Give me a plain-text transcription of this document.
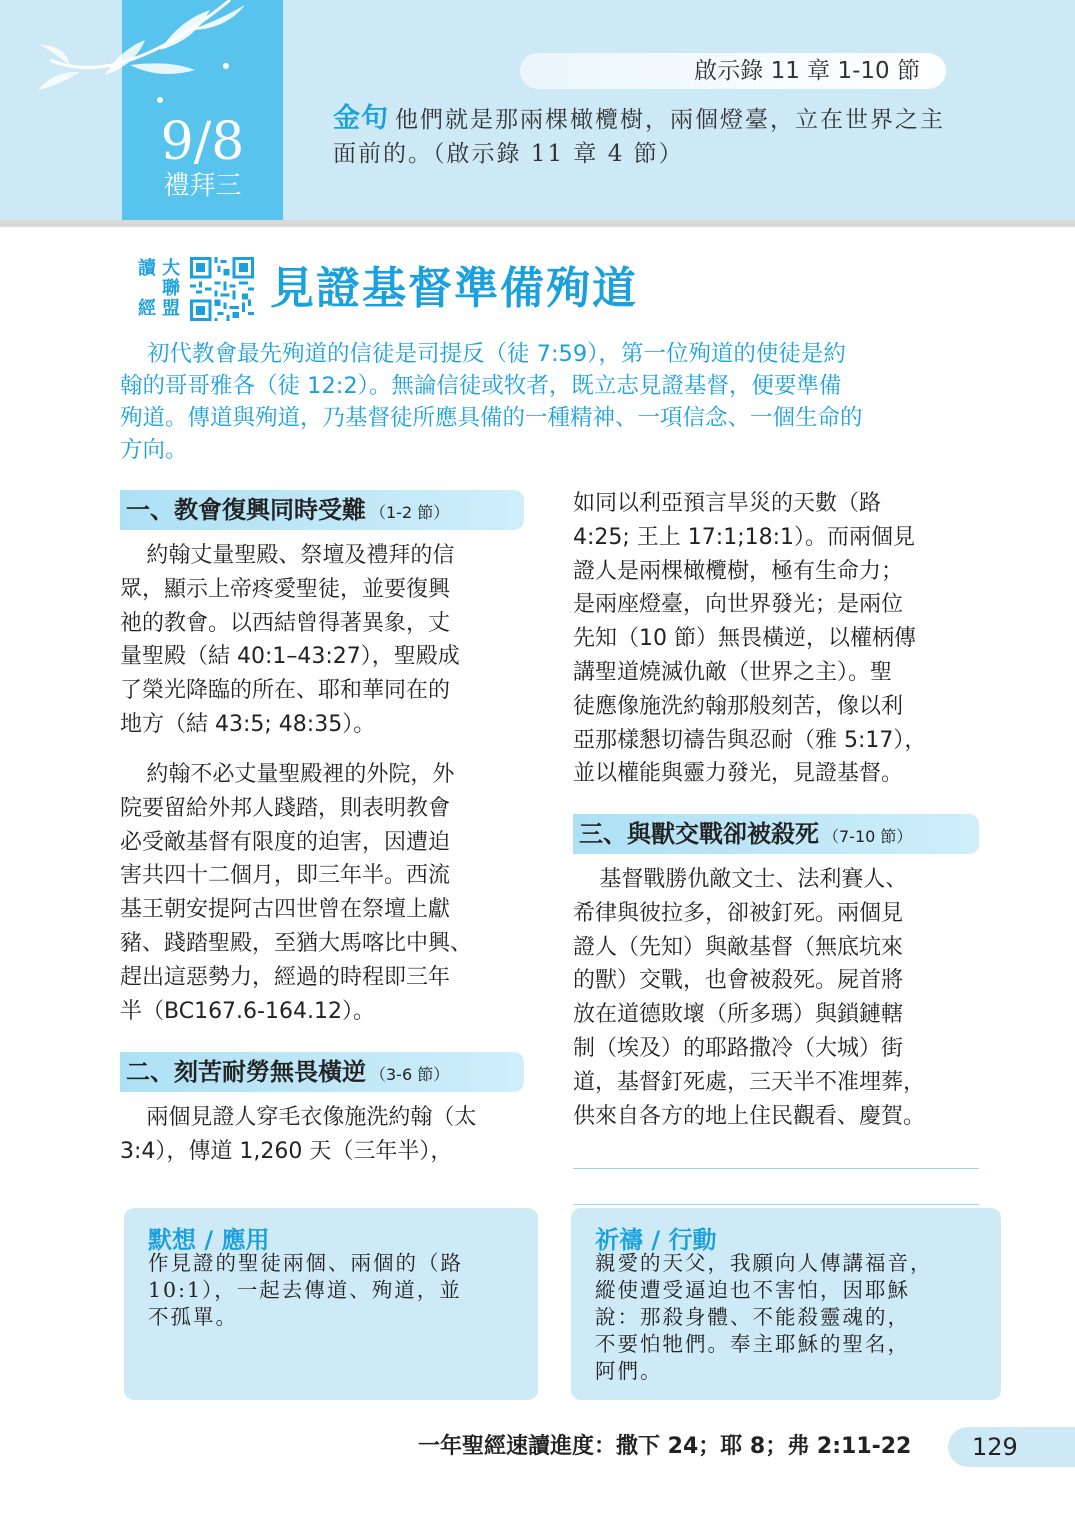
9/8
禮拜三
啟示錄 11 章 1-10 節
金句 他們就是那兩棵橄欖樹，兩個燈臺，立在世界之主
面前的。（啟示錄 11 章 4 節）
讀 大
聯
經 盟 見證基督準備殉道
初代教會最先殉道的信徒是司提反（徒 7:59），第一位殉道的使徒是約
翰的哥哥雅各（徒 12:2）。無論信徒或牧者，既立志見證基督，便要準備
殉道。傳道與殉道，乃基督徒所應具備的一種精神、一項信念、一個生命的
方向。
一、教會復興同時受難 （1-2 節）

約翰丈量聖殿、祭壇及禮拜的信

眾，顯示上帝疼愛聖徒，並要復興

祂的教會。以西結曾得著異象，丈

量聖殿（結 40:1–43:27），聖殿成

了榮光降臨的所在、耶和華同在的

地方（結 43:5; 48:35）。

約翰不必丈量聖殿裡的外院，外

院要留給外邦人踐踏，則表明教會

必受敵基督有限度的迫害，因遭迫

害共四十二個月，即三年半。西流

基王朝安提阿古四世曾在祭壇上獻

豬、踐踏聖殿，至猶大馬喀比中興、

趕出這惡勢力，經過的時程即三年

半（BC167.6-164.12）。

二、刻苦耐勞無畏橫逆 （3-6 節）

兩個見證人穿毛衣像施洗約翰（太

3:4），傳道 1,260 天（三年半），

如同以利亞預言旱災的天數（路

4:25; 王上 17:1;18:1）。而兩個見

證人是兩棵橄欖樹，極有生命力；

是兩座燈臺，向世界發光；是兩位

先知（10 節）無畏橫逆，以權柄傳

講聖道燒滅仇敵（世界之主）。聖

徒應像施洗約翰那般刻苦，像以利

亞那樣懇切禱告與忍耐（雅 5:17），

並以權能與靈力發光，見證基督。

三、與獸交戰卻被殺死 （7-10 節）

基督戰勝仇敵文士、法利賽人、

希律與彼拉多，卻被釘死。兩個見

證人（先知）與敵基督（無底坑來

的獸）交戰，也會被殺死。屍首將

放在道德敗壞（所多瑪）與鎖鏈轄

制（埃及）的耶路撒冷（大城）街

道，基督釘死處，三天半不准埋葬，

供來自各方的地上住民觀看、慶賀。

默想 / 應用
作見證的聖徒兩個、兩個的（路
10:1），一起去傳道、殉道，並
不孤單。
祈禱 / 行動
親愛的天父，我願向人傳講福音，
縱使遭受逼迫也不害怕，因耶穌
說：那殺身體、不能殺靈魂的，
不要怕牠們。奉主耶穌的聖名，
阿們。
一年聖經速讀進度：撒下 24；耶 8；弗 2:11-22	129
